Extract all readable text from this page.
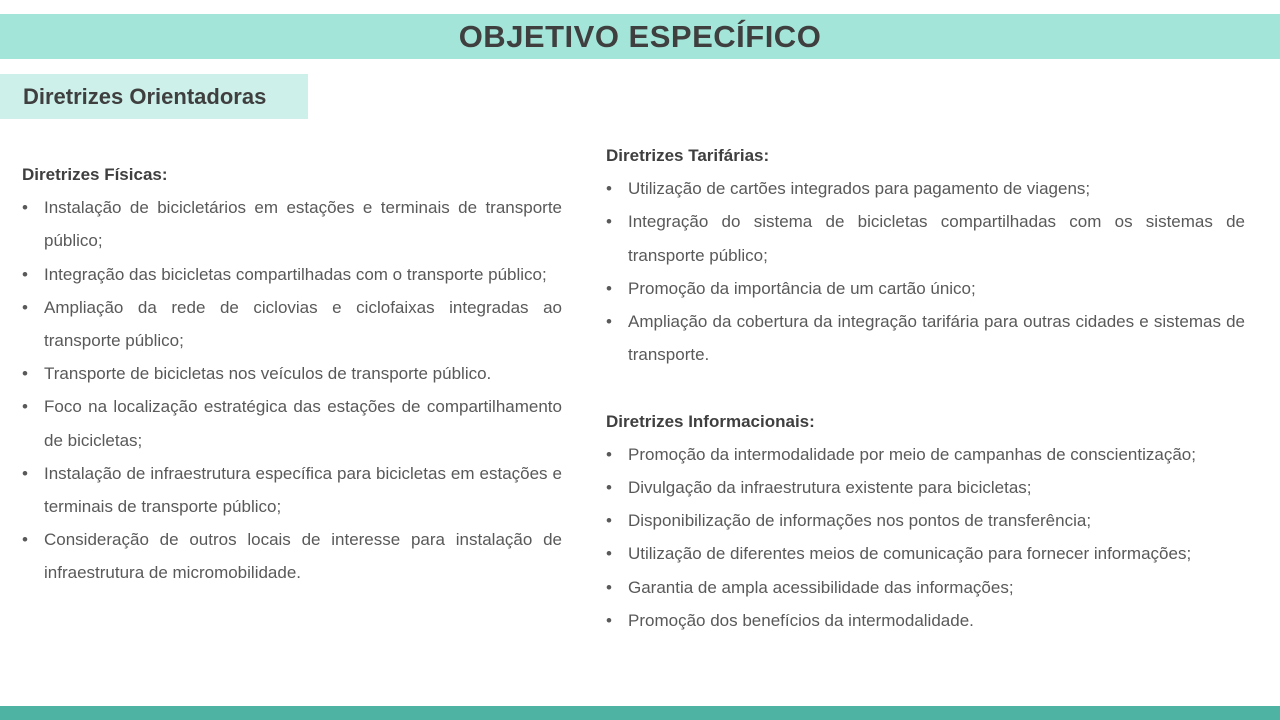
OBJETIVO ESPECÍFICO
Diretrizes Orientadoras

Diretrizes Físicas:

• Instalação de bicicletários em estações e terminais de transporte público;
• Integração das bicicletas compartilhadas com o transporte público;
• Ampliação da rede de ciclovias e ciclofaixas integradas ao transporte público;
• Transporte de bicicletas nos veículos de transporte público.
• Foco na localização estratégica das estações de compartilhamento de bicicletas;
• Instalação de infraestrutura específica para bicicletas em estações e terminais de transporte público;
• Consideração de outros locais de interesse para instalação de infraestrutura de micromobilidade.

Diretrizes Tarifárias:

• Utilização de cartões integrados para pagamento de viagens;
• Integração do sistema de bicicletas compartilhadas com os sistemas de transporte público;
• Promoção da importância de um cartão único;
• Ampliação da cobertura da integração tarifária para outras cidades e sistemas de transporte.

Diretrizes Informacionais:

• Promoção da intermodalidade por meio de campanhas de conscientização;
• Divulgação da infraestrutura existente para bicicletas;
• Disponibilização de informações nos pontos de transferência;
• Utilização de diferentes meios de comunicação para fornecer informações;
• Garantia de ampla acessibilidade das informações;
• Promoção dos benefícios da intermodalidade.
